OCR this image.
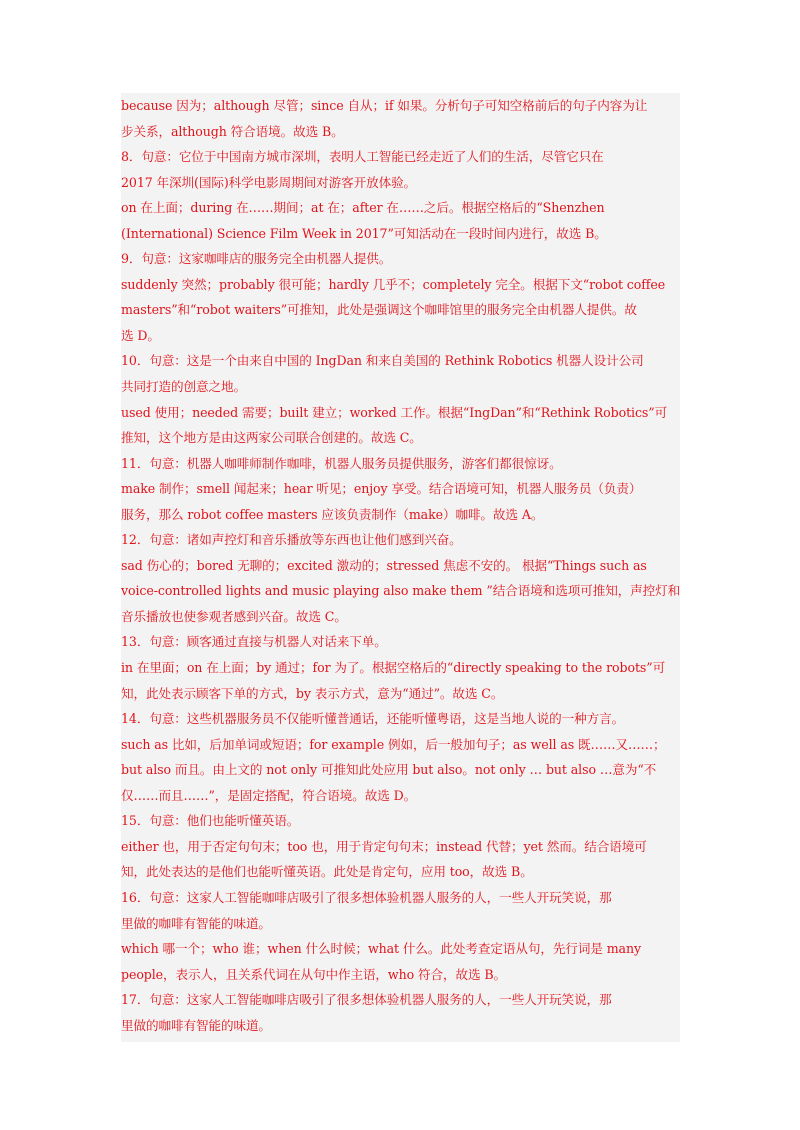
because 因为；although 尽管；since 自从；if 如果。分析句子可知空格前后的句子内容为让
步关系，although 符合语境。故选 B。
8．句意：它位于中国南方城市深圳，表明人工智能已经走近了人们的生活，尽管它只在
2017 年深圳(国际)科学电影周期间对游客开放体验。
on 在上面；during 在……期间；at 在；after 在……之后。根据空格后的“Shenzhen
(International) Science Film Week in 2017”可知活动在一段时间内进行，故选 B。
9．句意：这家咖啡店的服务完全由机器人提供。
suddenly 突然；probably 很可能；hardly 几乎不；completely 完全。根据下文“robot coffee
masters”和“robot waiters”可推知，此处是强调这个咖啡馆里的服务完全由机器人提供。故
选 D。
10．句意：这是一个由来自中国的 IngDan 和来自美国的 Rethink Robotics 机器人设计公司
共同打造的创意之地。
used 使用；needed 需要；built 建立；worked 工作。根据“IngDan”和“Rethink Robotics”可
推知，这个地方是由这两家公司联合创建的。故选 C。
11．句意：机器人咖啡师制作咖啡，机器人服务员提供服务，游客们都很惊讶。
make 制作；smell 闻起来；hear 听见；enjoy 享受。结合语境可知，机器人服务员（负责）
服务，那么 robot coffee masters 应该负责制作（make）咖啡。故选 A。
12．句意：诸如声控灯和音乐播放等东西也让他们感到兴奋。
sad 伤心的；bored 无聊的；excited 激动的；stressed 焦虑不安的。 根据“Things such as
voice-controlled lights and music playing also make them ”结合语境和选项可推知，声控灯和
音乐播放也使参观者感到兴奋。故选 C。
13．句意：顾客通过直接与机器人对话来下单。
in 在里面；on 在上面；by 通过；for 为了。根据空格后的“directly speaking to the robots”可
知，此处表示顾客下单的方式，by 表示方式，意为“通过”。故选 C。
14．句意：这些机器服务员不仅能听懂普通话，还能听懂粤语，这是当地人说的一种方言。
such as 比如，后加单词或短语；for example 例如，后一般加句子；as well as 既……又……；
but also 而且。由上文的 not only 可推知此处应用 but also。not only … but also …意为“不
仅……而且……”，是固定搭配，符合语境。故选 D。
15．句意：他们也能听懂英语。
either 也，用于否定句句末；too 也，用于肯定句句末；instead 代替；yet 然而。结合语境可
知，此处表达的是他们也能听懂英语。此处是肯定句，应用 too，故选 B。
16．句意：这家人工智能咖啡店吸引了很多想体验机器人服务的人，一些人开玩笑说，那
里做的咖啡有智能的味道。
which 哪一个；who 谁；when 什么时候；what 什么。此处考查定语从句，先行词是 many
people，表示人，且关系代词在从句中作主语，who 符合，故选 B。
17．句意：这家人工智能咖啡店吸引了很多想体验机器人服务的人，一些人开玩笑说，那
里做的咖啡有智能的味道。
